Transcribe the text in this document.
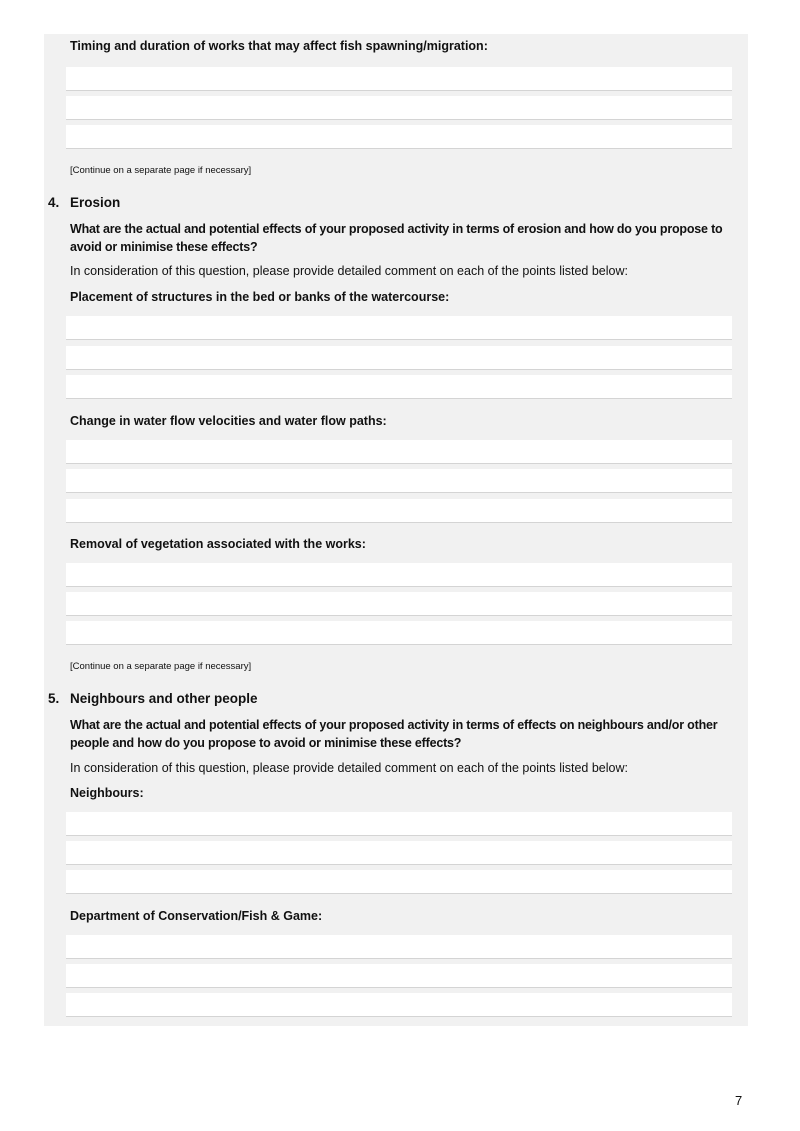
Timing and duration of works that may affect fish spawning/migration:
[Continue on a separate page if necessary]
4. Erosion
What are the actual and potential effects of your proposed activity in terms of erosion and how do you propose to avoid or minimise these effects?
In consideration of this question, please provide detailed comment on each of the points listed below:
Placement of structures in the bed or banks of the watercourse:
Change in water flow velocities and water flow paths:
Removal of vegetation associated with the works:
[Continue on a separate page if necessary]
5. Neighbours and other people
What are the actual and potential effects of your proposed activity in terms of effects on neighbours and/or other people and how do you propose to avoid or minimise these effects?
In consideration of this question, please provide detailed comment on each of the points listed below:
Neighbours:
Department of Conservation/Fish & Game:
7
